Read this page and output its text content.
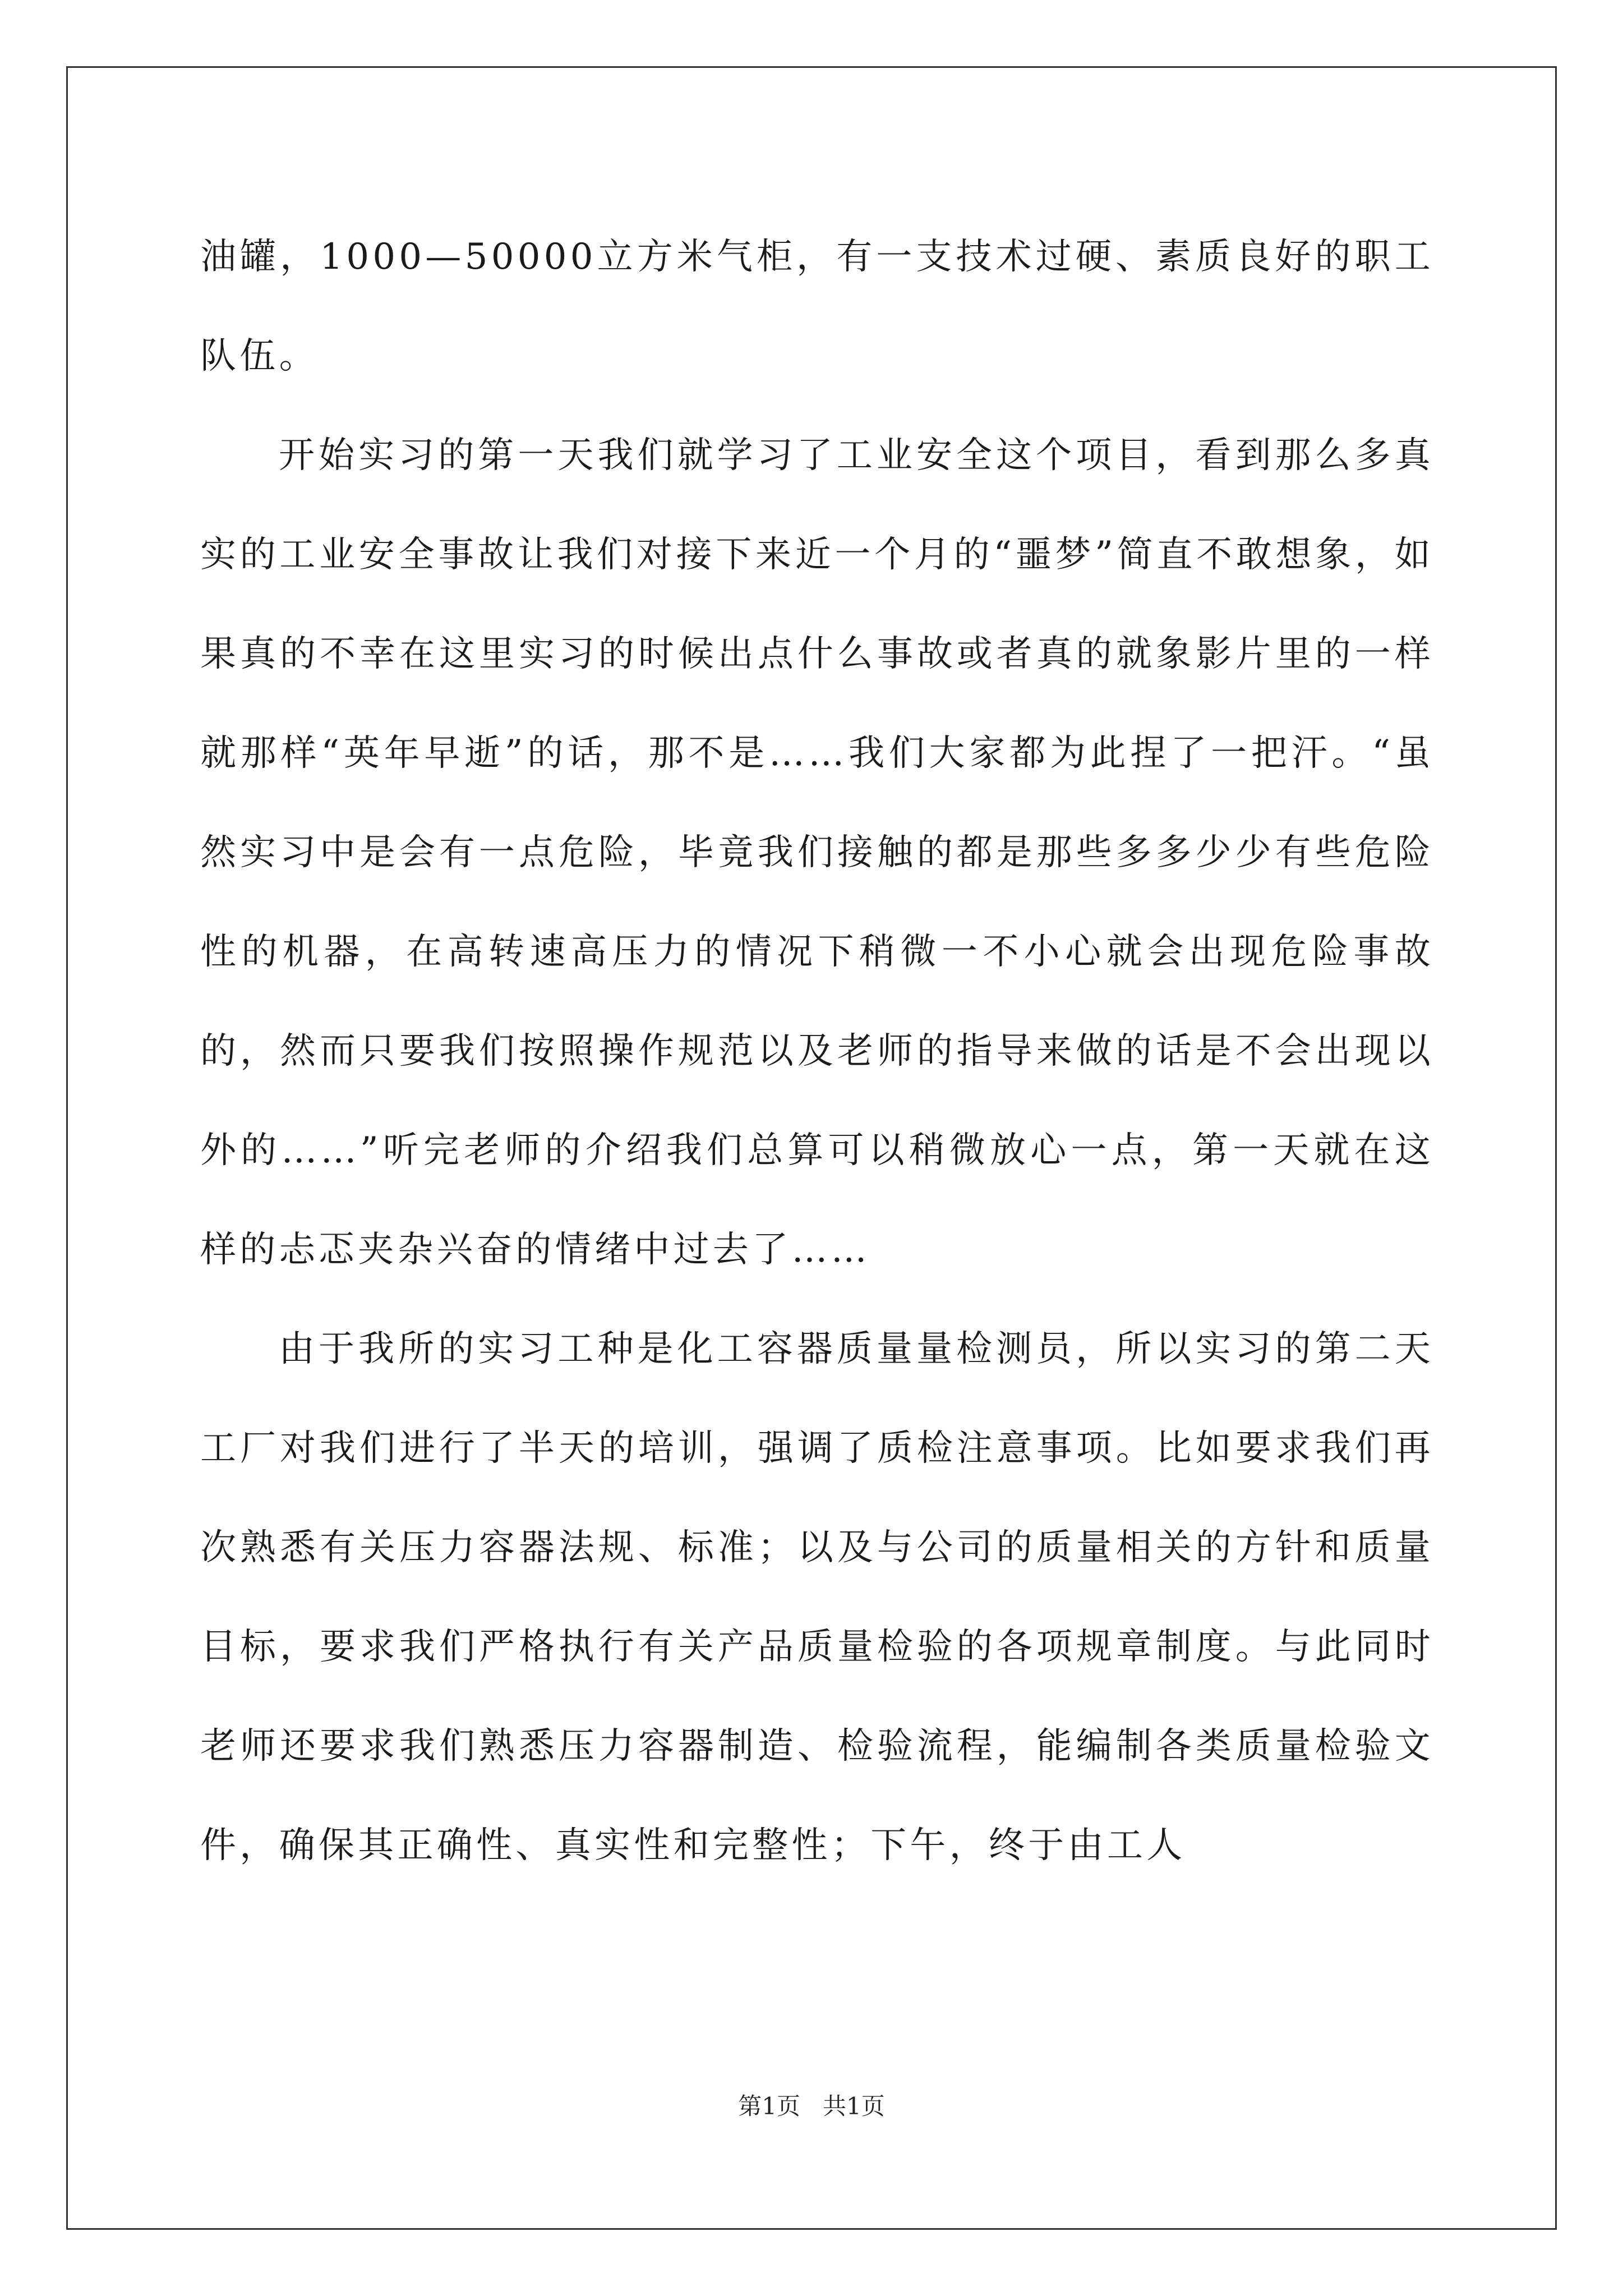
油罐，1000—50000立方米气柜，有一支技术过硬、素质良好的职工队伍。

开始实习的第一天我们就学习了工业安全这个项目，看到那么多真实的工业安全事故让我们对接下来近一个月的“噩梦”简直不敢想象，如果真的不幸在这里实习的时候出点什么事故或者真的就象影片里的一样就那样“英年早逝”的话，那不是……我们大家都为此捏了一把汗。“虽然实习中是会有一点危险，毕竟我们接触的都是那些多多少少有些危险性的机器，在高转速高压力的情况下稍微一不小心就会出现危险事故的，然而只要我们按照操作规范以及老师的指导来做的话是不会出现以外的……”听完老师的介绍我们总算可以稍微放心一点，第一天就在这样的忐忑夹杂兴奋的情绪中过去了……

由于我所的实习工种是化工容器质量量检测员，所以实习的第二天工厂对我们进行了半天的培训，强调了质检注意事项。比如要求我们再次熟悉有关压力容器法规、标准；以及与公司的质量相关的方针和质量目标，要求我们严格执行有关产品质量检验的各项规章制度。与此同时老师还要求我们熟悉压力容器制造、检验流程，能编制各类质量检验文件，确保其正确性、真实性和完整性；下午，终于由工人

第1页 共1页
